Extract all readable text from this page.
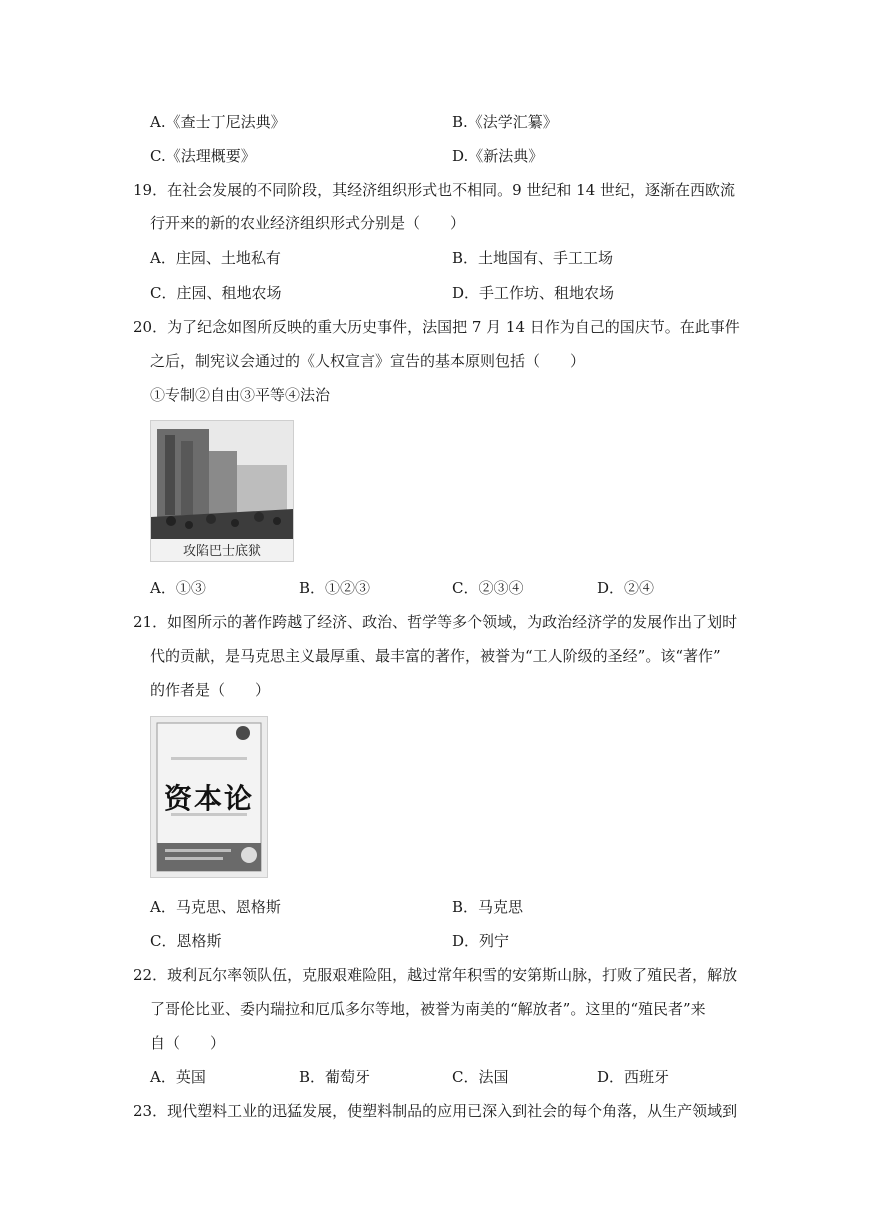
A.《查士丁尼法典》	B.《法学汇纂》
C.《法理概要》	D.《新法典》
19．在社会发展的不同阶段，其经济组织形式也不相同。9 世纪和 14 世纪，逐渐在西欧流
行开来的新的农业经济组织形式分别是（　　）
A．庄园、土地私有	B．土地国有、手工工场
C．庄园、租地农场	D．手工作坊、租地农场
20．为了纪念如图所反映的重大历史事件，法国把 7 月 14 日作为自己的国庆节。在此事件
之后，制宪议会通过的《人权宣言》宣告的基本原则包括（　　）
①专制②自由③平等④法治
攻陷巴士底狱
A．①③	B．①②③	C．②③④	D．②④
21．如图所示的著作跨越了经济、政治、哲学等多个领域，为政治经济学的发展作出了划时
代的贡献，是马克思主义最厚重、最丰富的著作，被誉为“工人阶级的圣经”。该“著作”
的作者是（　　）
资本论
A．马克思、恩格斯	B．马克思
C．恩格斯	D．列宁
22．玻利瓦尔率领队伍，克服艰难险阻，越过常年积雪的安第斯山脉，打败了殖民者，解放
了哥伦比亚、委内瑞拉和厄瓜多尔等地，被誉为南美的“解放者”。这里的“殖民者”来
自（　　）
A．英国	B．葡萄牙	C．法国	D．西班牙
23．现代塑料工业的迅猛发展，使塑料制品的应用已深入到社会的每个角落，从生产领域到
